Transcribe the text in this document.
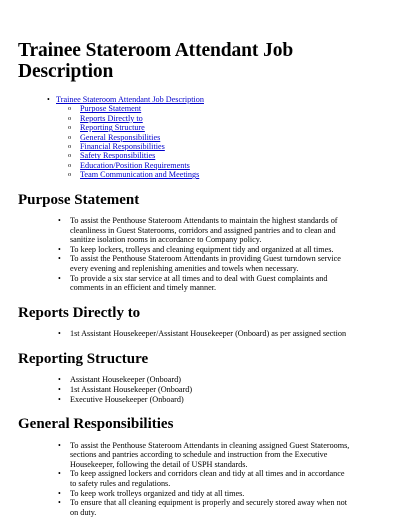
Trainee Stateroom Attendant Job Description
• Trainee Stateroom Attendant Job Description
o Purpose Statement
o Reports Directly to
o Reporting Structure
o General Responsibilities
o Financial Responsibilities
o Safety Responsibilities
o Education/Position Requirements
o Team Communication and Meetings
Purpose Statement
• To assist the Penthouse Stateroom Attendants to maintain the highest standards of cleanliness in Guest Staterooms, corridors and assigned pantries and to clean and sanitize isolation rooms in accordance to Company policy.
• To keep lockers, trolleys and cleaning equipment tidy and organized at all times.
• To assist the Penthouse Stateroom Attendants in providing Guest turndown service every evening and replenishing amenities and towels when necessary.
• To provide a six star service at all times and to deal with Guest complaints and comments in an efficient and timely manner.
Reports Directly to
• 1st Assistant Housekeeper/Assistant Housekeeper (Onboard) as per assigned section
Reporting Structure
• Assistant Housekeeper (Onboard)
• 1st Assistant Housekeeper (Onboard)
• Executive Housekeeper (Onboard)
General Responsibilities
• To assist the Penthouse Stateroom Attendants in cleaning assigned Guest Staterooms, sections and pantries according to schedule and instruction from the Executive Housekeeper, following the detail of USPH standards.
• To keep assigned lockers and corridors clean and tidy at all times and in accordance to safety rules and regulations.
• To keep work trolleys organized and tidy at all times.
• To ensure that all cleaning equipment is properly and securely stored away when not on duty.
